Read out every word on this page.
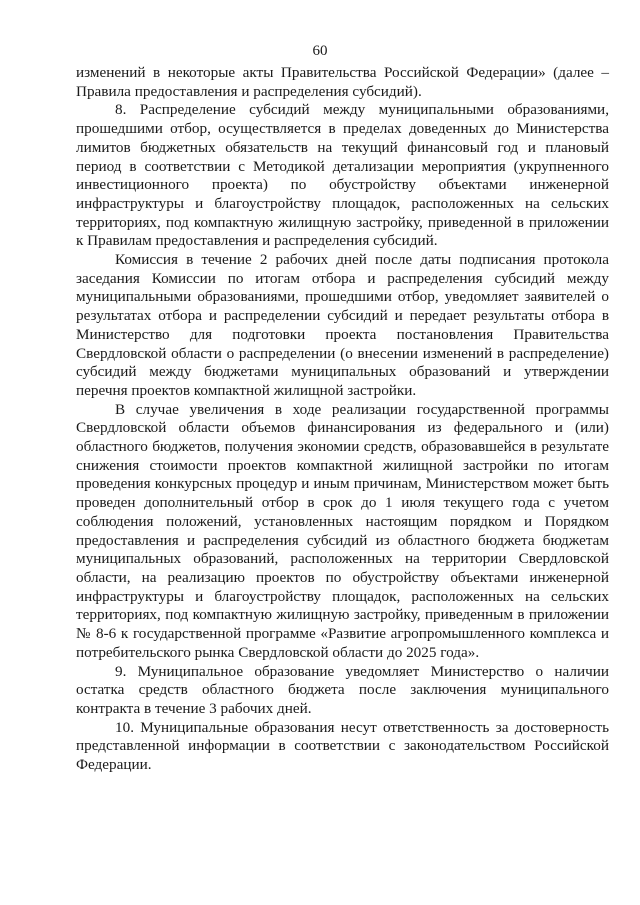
60

изменений в некоторые акты Правительства Российской Федерации» (далее – Правила предоставления и распределения субсидий).

8. Распределение субсидий между муниципальными образованиями, прошедшими отбор, осуществляется в пределах доведенных до Министерства лимитов бюджетных обязательств на текущий финансовый год и плановый период в соответствии с Методикой детализации мероприятия (укрупненного инвестиционного проекта) по обустройству объектами инженерной инфраструктуры и благоустройству площадок, расположенных на сельских территориях, под компактную жилищную застройку, приведенной в приложении к Правилам предоставления и распределения субсидий.

Комиссия в течение 2 рабочих дней после даты подписания протокола заседания Комиссии по итогам отбора и распределения субсидий между муниципальными образованиями, прошедшими отбор, уведомляет заявителей о результатах отбора и распределении субсидий и передает результаты отбора в Министерство для подготовки проекта постановления Правительства Свердловской области о распределении (о внесении изменений в распределение) субсидий между бюджетами муниципальных образований и утверждении перечня проектов компактной жилищной застройки.

В случае увеличения в ходе реализации государственной программы Свердловской области объемов финансирования из федерального и (или) областного бюджетов, получения экономии средств, образовавшейся в результате снижения стоимости проектов компактной жилищной застройки по итогам проведения конкурсных процедур и иным причинам, Министерством может быть проведен дополнительный отбор в срок до 1 июля текущего года с учетом соблюдения положений, установленных настоящим порядком и Порядком предоставления и распределения субсидий из областного бюджета бюджетам муниципальных образований, расположенных на территории Свердловской области, на реализацию проектов по обустройству объектами инженерной инфраструктуры и благоустройству площадок, расположенных на сельских территориях, под компактную жилищную застройку, приведенным в приложении № 8-6 к государственной программе «Развитие агропромышленного комплекса и потребительского рынка Свердловской области до 2025 года».

9. Муниципальное образование уведомляет Министерство о наличии остатка средств областного бюджета после заключения муниципального контракта в течение 3 рабочих дней.

10. Муниципальные образования несут ответственность за достоверность представленной информации в соответствии с законодательством Российской Федерации.
